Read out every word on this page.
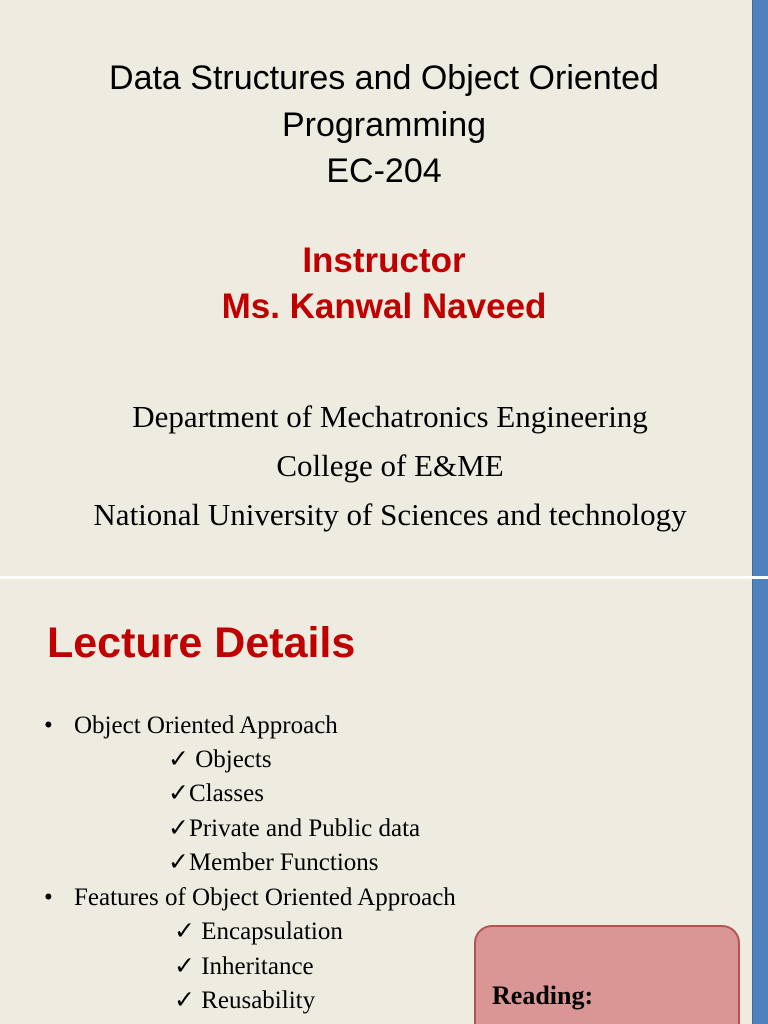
Data Structures and Object Oriented
Programming
EC-204
Instructor
Ms. Kanwal Naveed
Department of Mechatronics Engineering
College of E&ME
National University of Sciences and technology
Lecture Details
• Object Oriented Approach
✓ Objects
✓Classes
✓Private and Public data
✓Member Functions
• Features of Object Oriented Approach
✓ Encapsulation
✓ Inheritance
✓ Reusability	Reading:
